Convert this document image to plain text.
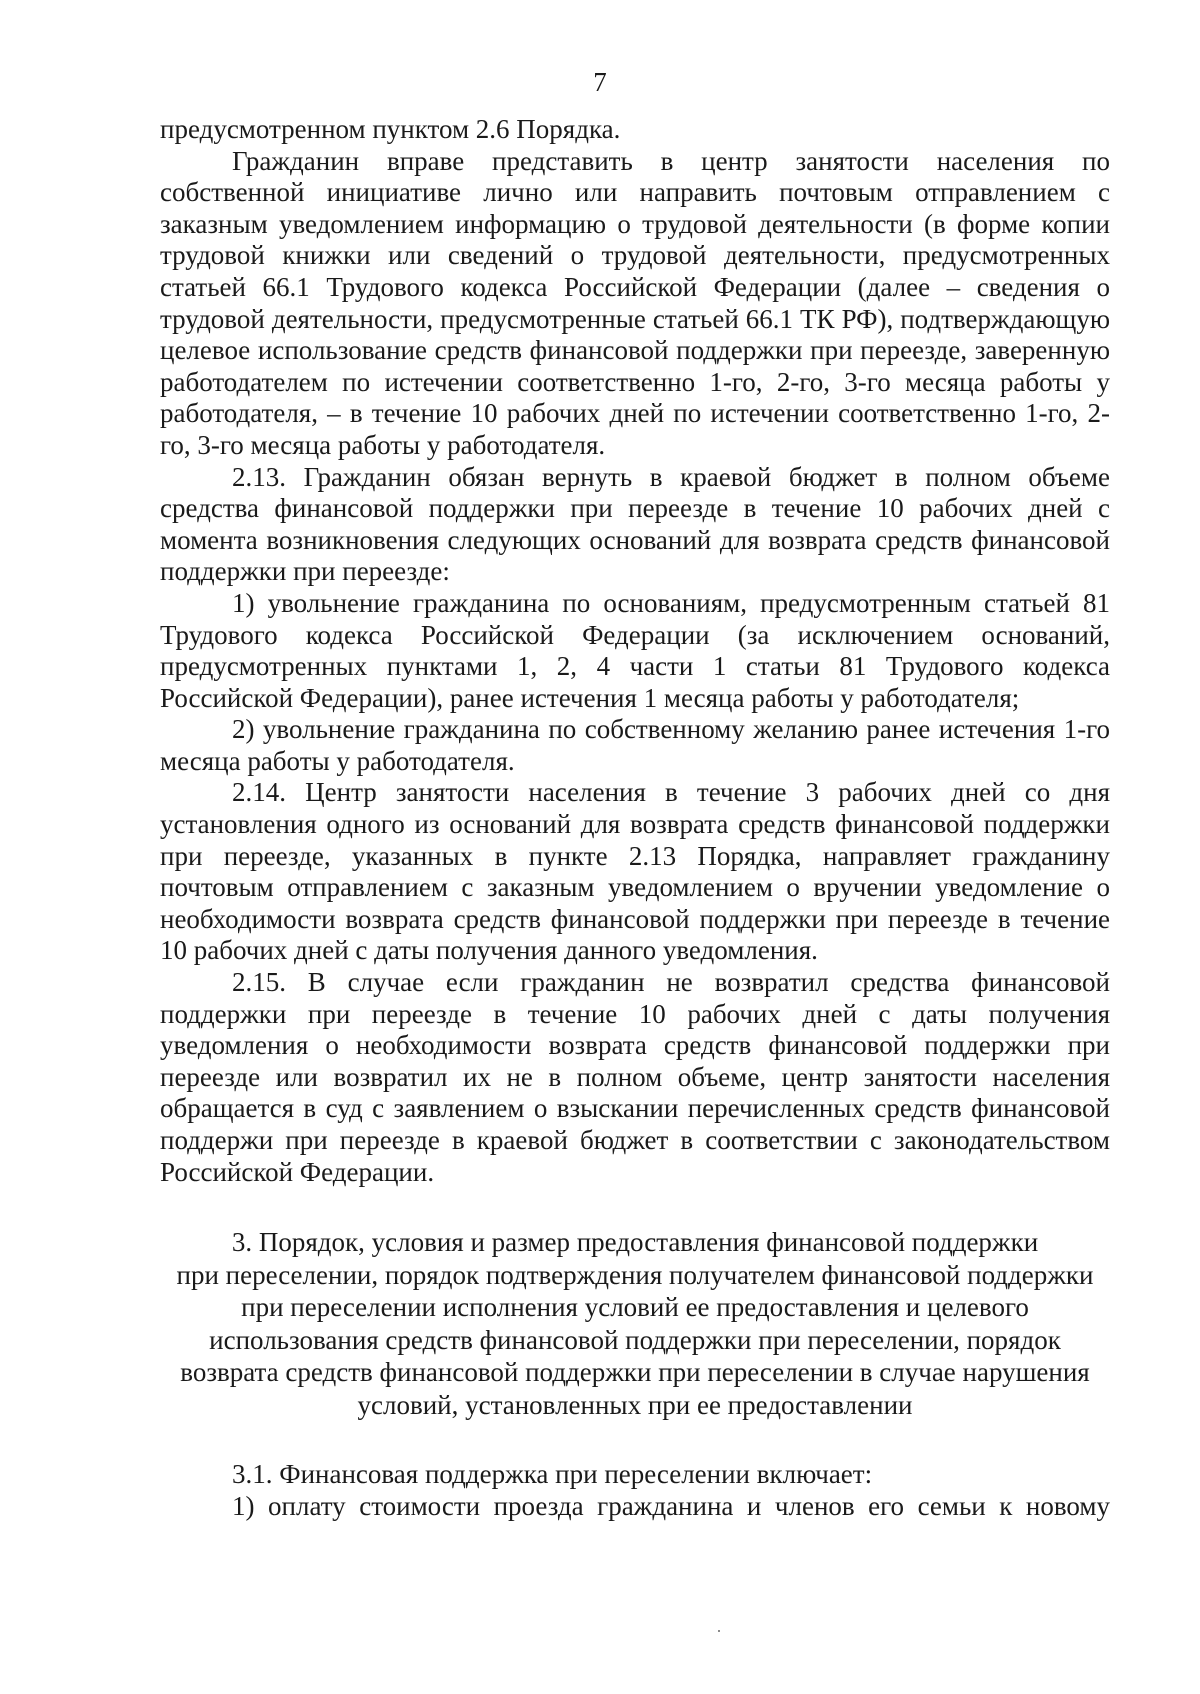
7

предусмотренном пунктом 2.6 Порядка.

Гражданин вправе представить в центр занятости населения по собственной инициативе лично или направить почтовым отправлением с заказным уведомлением информацию о трудовой деятельности (в форме копии трудовой книжки или сведений о трудовой деятельности, предусмотренных статьей 66.1 Трудового кодекса Российской Федерации (далее – сведения о трудовой деятельности, предусмотренные статьей 66.1 ТК РФ), подтверждающую целевое использование средств финансовой поддержки при переезде, заверенную работодателем по истечении соответственно 1-го, 2-го, 3-го месяца работы у работодателя, – в течение 10 рабочих дней по истечении соответственно 1-го, 2-го, 3-го месяца работы у работодателя.

2.13. Гражданин обязан вернуть в краевой бюджет в полном объеме средства финансовой поддержки при переезде в течение 10 рабочих дней с момента возникновения следующих оснований для возврата средств финансовой поддержки при переезде:

1) увольнение гражданина по основаниям, предусмотренным статьей 81 Трудового кодекса Российской Федерации (за исключением оснований, предусмотренных пунктами 1, 2, 4 части 1 статьи 81 Трудового кодекса Российской Федерации), ранее истечения 1 месяца работы у работодателя;

2) увольнение гражданина по собственному желанию ранее истечения 1-го месяца работы у работодателя.

2.14. Центр занятости населения в течение 3 рабочих дней со дня установления одного из оснований для возврата средств финансовой поддержки при переезде, указанных в пункте 2.13 Порядка, направляет гражданину почтовым отправлением с заказным уведомлением о вручении уведомление о необходимости возврата средств финансовой поддержки при переезде в течение 10 рабочих дней с даты получения данного уведомления.

2.15. В случае если гражданин не возвратил средства финансовой поддержки при переезде в течение 10 рабочих дней с даты получения уведомления о необходимости возврата средств финансовой поддержки при переезде или возвратил их не в полном объеме, центр занятости населения обращается в суд с заявлением о взыскании перечисленных средств финансовой поддержи при переезде в краевой бюджет в соответствии с законодательством Российской Федерации.

3. Порядок, условия и размер предоставления финансовой поддержки
при переселении, порядок подтверждения получателем финансовой поддержки
при переселении исполнения условий ее предоставления и целевого
использования средств финансовой поддержки при переселении, порядок
возврата средств финансовой поддержки при переселении в случае нарушения
условий, установленных при ее предоставлении

3.1. Финансовая поддержка при переселении включает:

1) оплату стоимости проезда гражданина и членов его семьи к новому
